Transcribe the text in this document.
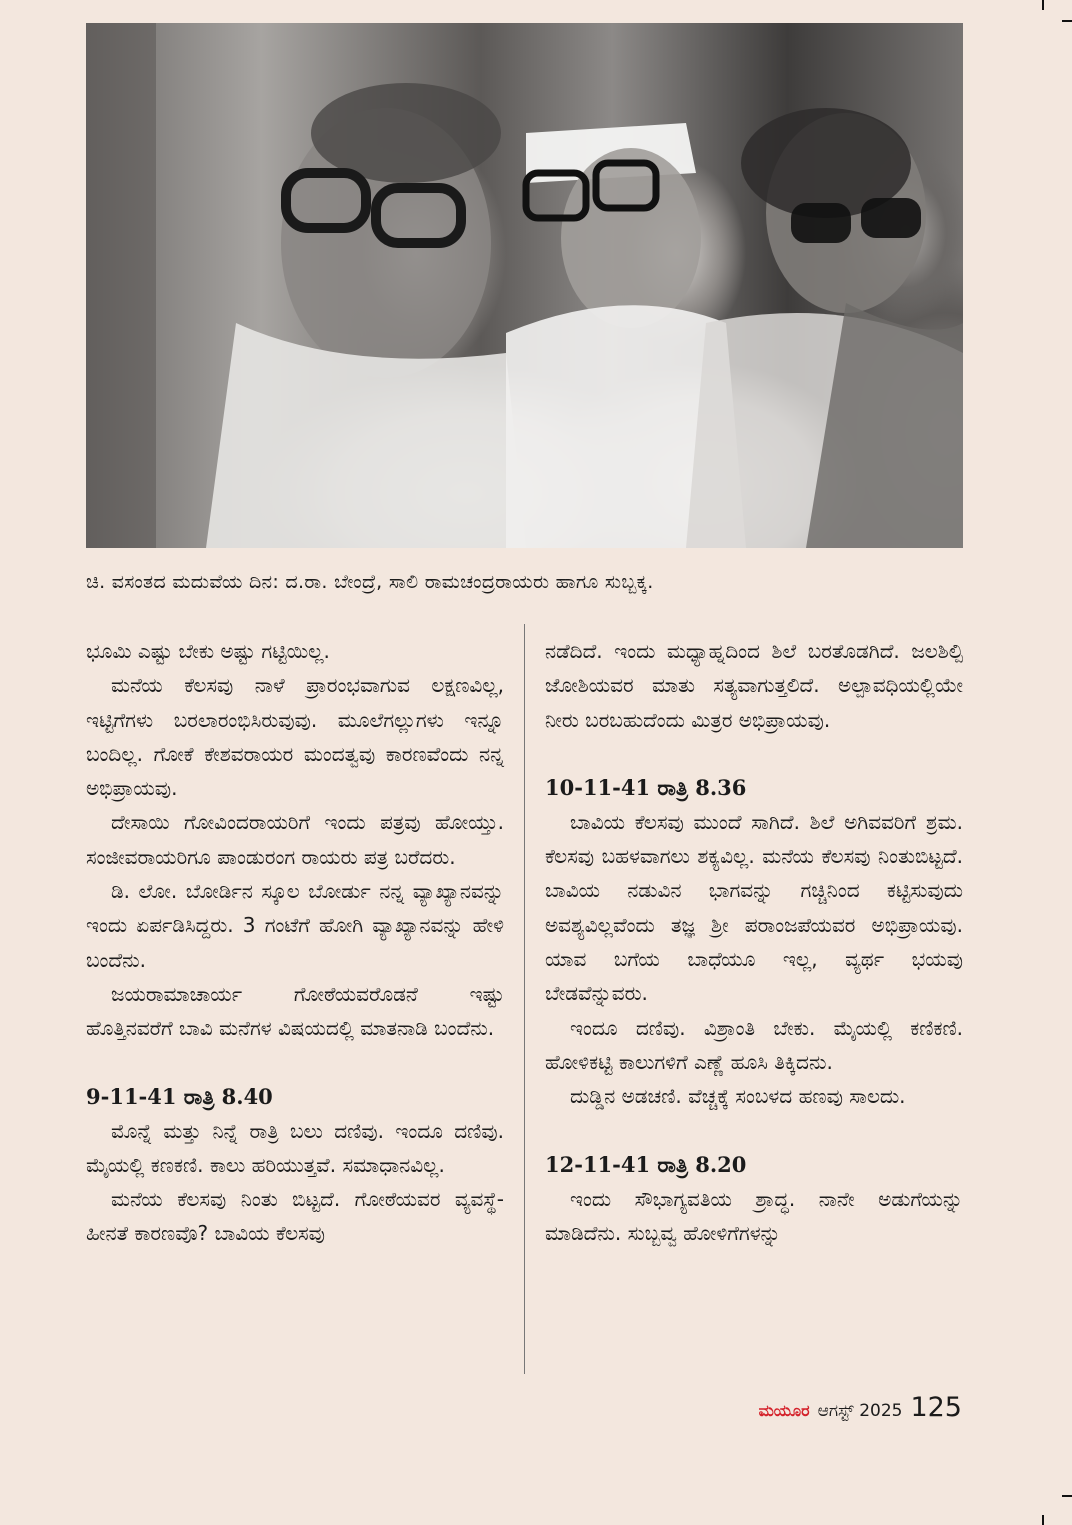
ಚಿ. ವಸಂತದ ಮದುವೆಯ ದಿನ: ದ.ರಾ. ಬೇಂದ್ರೆ, ಸಾಲಿ ರಾಮಚಂದ್ರರಾಯರು ಹಾಗೂ ಸುಬ್ಬಕ್ಕ.

ಭೂಮಿ ಎಷ್ಟು ಬೇಕು ಅಷ್ಟು ಗಟ್ಟಿಯಿಲ್ಲ.

ಮನೆಯ ಕೆಲಸವು ನಾಳೆ ಪ್ರಾರಂಭವಾಗುವ ಲಕ್ಷಣವಿಲ್ಲ, ಇಟ್ಟಿಗೆಗಳು ಬರಲಾರಂಭಿಸಿರುವುವು. ಮೂಲೆಗಲ್ಲುಗಳು ಇನ್ನೂ ಬಂದಿಲ್ಲ. ಗೋಕೆ ಕೇಶವರಾಯರ ಮಂದತ್ವವು ಕಾರಣವೆಂದು ನನ್ನ ಅಭಿಪ್ರಾಯವು.

ದೇಸಾಯಿ ಗೋವಿಂದರಾಯರಿಗೆ ಇಂದು ಪತ್ರವು ಹೋಯ್ತು. ಸಂಜೀವರಾಯರಿಗೂ ಪಾಂಡುರಂಗ ರಾಯರು ಪತ್ರ ಬರೆದರು.

ಡಿ. ಲೋ. ಬೋರ್ಡಿನ ಸ್ಕೂಲ ಬೋರ್ಡು ನನ್ನ ವ್ಯಾಖ್ಯಾನವನ್ನು ಇಂದು ಏರ್ಪಡಿಸಿದ್ದರು. 3 ಗಂಟೆಗೆ ಹೋಗಿ ವ್ಯಾಖ್ಯಾನವನ್ನು ಹೇಳಿ ಬಂದೆನು.

ಜಯರಾಮಾಚಾರ್ಯ ಗೋಠೆಯವರೊಡನೆ ಇಷ್ಟು ಹೊತ್ತಿನವರೆಗೆ ಬಾವಿ ಮನೆಗಳ ವಿಷಯದಲ್ಲಿ ಮಾತನಾಡಿ ಬಂದೆನು.

9-11-41 ರಾತ್ರಿ 8.40

ಮೊನ್ನೆ ಮತ್ತು ನಿನ್ನೆ ರಾತ್ರಿ ಬಲು ದಣಿವು. ಇಂದೂ ದಣಿವು. ಮೈಯಲ್ಲಿ ಕಣಕಣಿ. ಕಾಲು ಹರಿಯುತ್ತವೆ. ಸಮಾಧಾನವಿಲ್ಲ.

ಮನೆಯ ಕೆಲಸವು ನಿಂತು ಬಿಟ್ಟದೆ. ಗೋಠೆಯವರ ವ್ಯವಸ್ಥೆ-ಹೀನತೆ ಕಾರಣವೊ? ಬಾವಿಯ ಕೆಲಸವು

ನಡೆದಿದೆ. ಇಂದು ಮಧ್ಯಾಹ್ನದಿಂದ ಶಿಲೆ ಬರತೊಡಗಿದೆ. ಜಲಶಿಲ್ಪಿ ಜೋಶಿಯವರ ಮಾತು ಸತ್ಯವಾಗುತ್ತಲಿದೆ. ಅಲ್ಪಾವಧಿಯಲ್ಲಿಯೇ ನೀರು ಬರಬಹುದೆಂದು ಮಿತ್ರರ ಅಭಿಪ್ರಾಯವು.

10-11-41 ರಾತ್ರಿ 8.36

ಬಾವಿಯ ಕೆಲಸವು ಮುಂದೆ ಸಾಗಿದೆ. ಶಿಲೆ ಅಗಿವವರಿಗೆ ಶ್ರಮ. ಕೆಲಸವು ಬಹಳವಾಗಲು ಶಕ್ಯವಿಲ್ಲ. ಮನೆಯ ಕೆಲಸವು ನಿಂತುಬಿಟ್ಟದೆ. ಬಾವಿಯ ನಡುವಿನ ಭಾಗವನ್ನು ಗಚ್ಚಿನಿಂದ ಕಟ್ಟಿಸುವುದು ಅವಶ್ಯವಿಲ್ಲವೆಂದು ತಜ್ಞ ಶ್ರೀ ಪರಾಂಜಪೆಯವರ ಅಭಿಪ್ರಾಯವು. ಯಾವ ಬಗೆಯ ಬಾಧೆಯೂ ಇಲ್ಲ, ವ್ಯರ್ಥ ಭಯವು ಬೇಡವೆನ್ನುವರು.

ಇಂದೂ ದಣಿವು. ವಿಶ್ರಾಂತಿ ಬೇಕು. ಮೈಯಲ್ಲಿ ಕಣಿಕಣಿ. ಹೋಳಿಕಟ್ಟಿ ಕಾಲುಗಳಿಗೆ ಎಣ್ಣೆ ಹೂಸಿ ತಿಕ್ಕಿದನು.

ದುಡ್ಡಿನ ಅಡಚಣಿ. ವೆಚ್ಚಕ್ಕೆ ಸಂಬಳದ ಹಣವು ಸಾಲದು.

12-11-41 ರಾತ್ರಿ 8.20

ಇಂದು ಸೌಭಾಗ್ಯವತಿಯ ಶ್ರಾದ್ಧ. ನಾನೇ ಅಡುಗೆಯನ್ನು ಮಾಡಿದೆನು. ಸುಬ್ಬವ್ವ ಹೋಳಿಗೆಗಳನ್ನು

ಮಯೂರ ಆಗಸ್ಟ್ 2025 125
